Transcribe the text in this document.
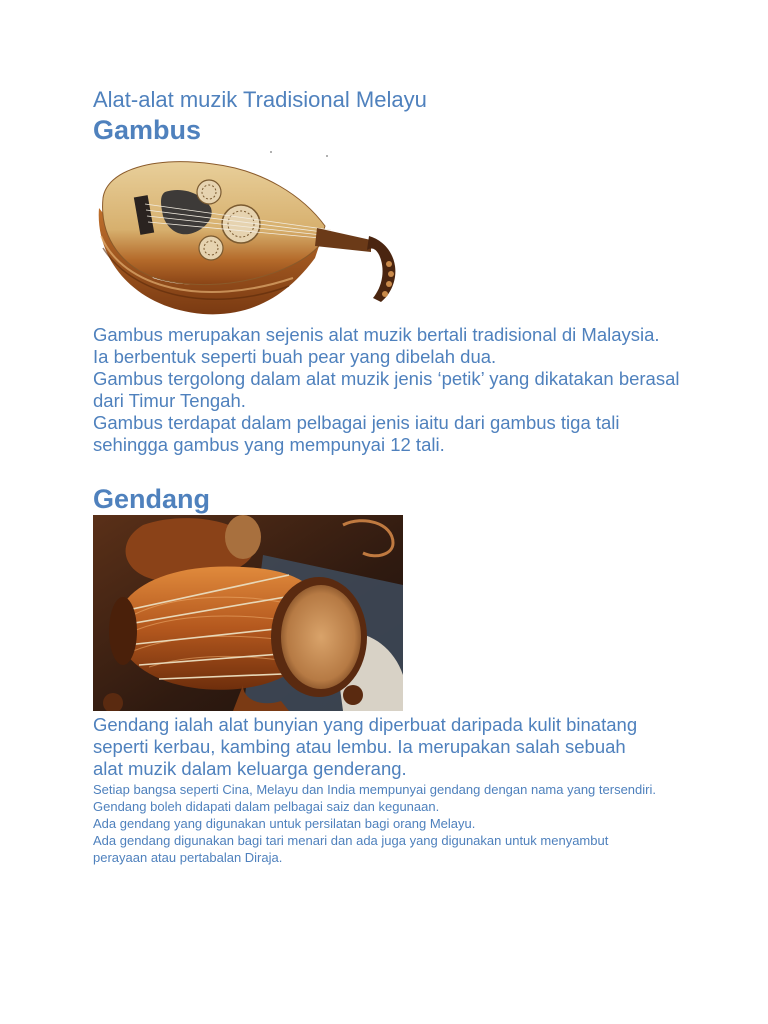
Alat-alat muzik Tradisional Melayu
Gambus

Gambus merupakan sejenis alat muzik bertali tradisional di Malaysia.

Ia berbentuk seperti buah pear yang dibelah dua.

Gambus tergolong dalam alat muzik jenis ‘petik’ yang dikatakan berasal dari Timur Tengah.

Gambus terdapat dalam pelbagai jenis iaitu dari gambus tiga tali sehingga gambus yang mempunyai 12 tali.

Gendang

Gendang ialah alat bunyian yang diperbuat daripada kulit binatang seperti kerbau, kambing atau lembu. Ia merupakan salah sebuah alat muzik dalam keluarga genderang.

Setiap bangsa seperti Cina, Melayu dan India mempunyai gendang dengan nama yang tersendiri.

Gendang boleh didapati dalam pelbagai saiz dan kegunaan.

Ada gendang yang digunakan untuk persilatan bagi orang Melayu.

Ada gendang digunakan bagi tari menari dan ada juga yang digunakan untuk menyambut perayaan atau pertabalan Diraja.
